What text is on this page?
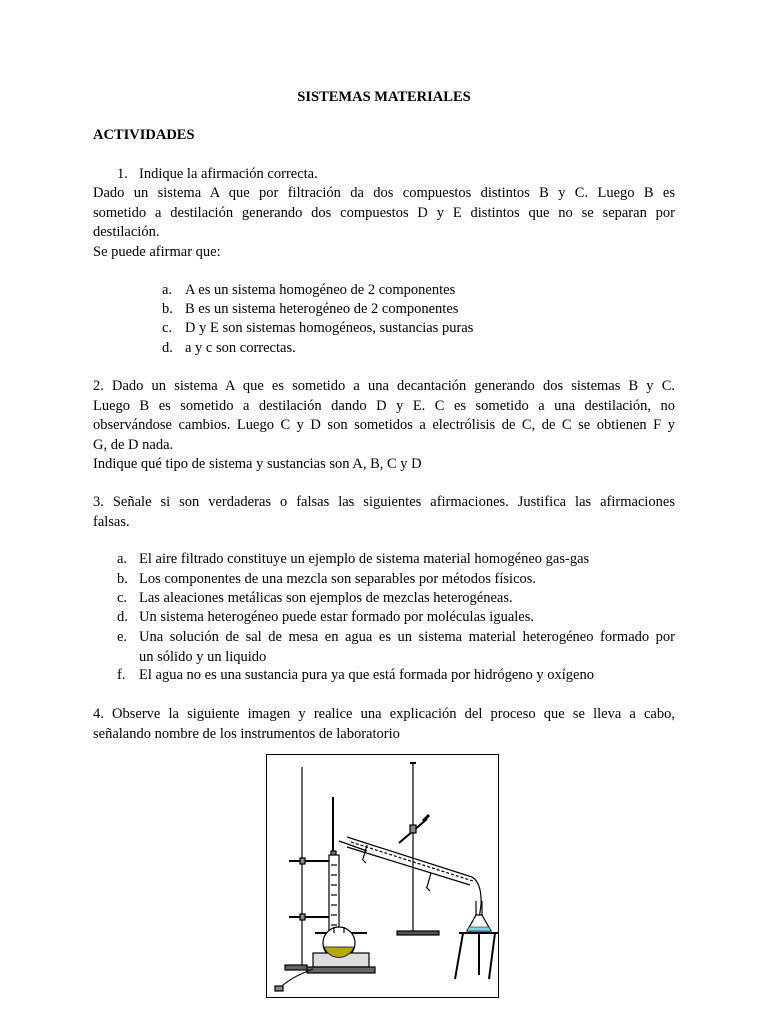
SISTEMAS MATERIALES
ACTIVIDADES
1. Indique la afirmación correcta.
Dado un sistema A que por filtración da dos compuestos distintos B y C. Luego B es
sometido a destilación generando dos compuestos D y E distintos que no se separan por
destilación.
Se puede afirmar que:
a. A es un sistema homogéneo de 2 componentes
b. B es un sistema heterogéneo de 2 componentes
c. D y E son sistemas homogéneos, sustancias puras
d. a y c son correctas.
2. Dado un sistema A que es sometido a una decantación generando dos sistemas B y C.
Luego B es sometido a destilación dando D y E. C es sometido a una destilación, no
observándose cambios. Luego C y D son sometidos a electrólisis de C, de C se obtienen F y
G, de D nada.
Indique qué tipo de sistema y sustancias son A, B, C y D
3. Señale si son verdaderas o falsas las siguientes afirmaciones. Justifica las afirmaciones
falsas.
a. El aire filtrado constituye un ejemplo de sistema material homogéneo gas-gas
b. Los componentes de una mezcla son separables por métodos físicos.
c. Las aleaciones metálicas son ejemplos de mezclas heterogéneas.
d. Un sistema heterogéneo puede estar formado por moléculas iguales.
e. Una solución de sal de mesa en agua es un sistema material heterogéneo formado por
un sólido y un liquido
f. El agua no es una sustancia pura ya que está formada por hidrógeno y oxígeno
4. Observe la siguiente imagen y realice una explicación del proceso que se lleva a cabo,
señalando nombre de los instrumentos de laboratorio
